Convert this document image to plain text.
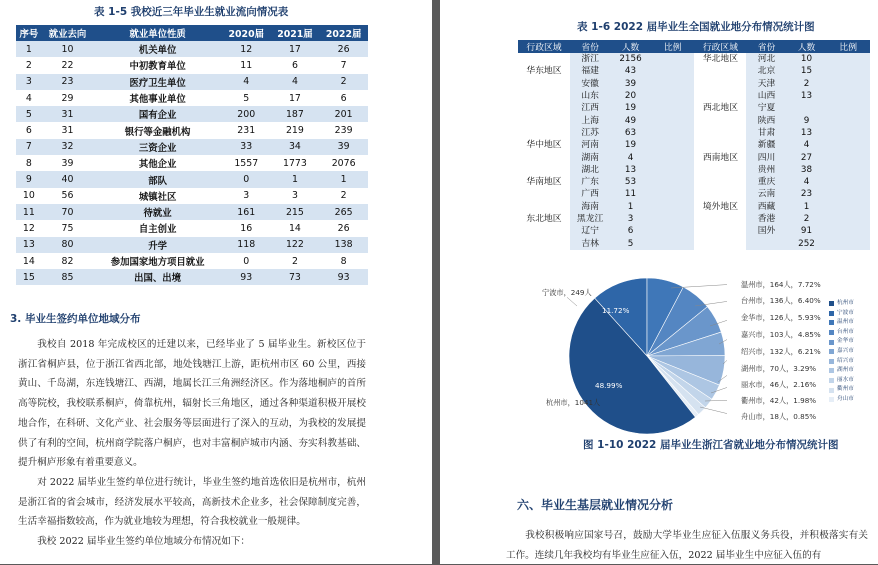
表 1-5 我校近三年毕业生就业流向情况表
序号	就业去向	就业单位性质	2020届	2021届	2022届
1	10	机关单位	12	17	26
2	22	中初教育单位	11	6	7
3	23	医疗卫生单位	4	4	2
4	29	其他事业单位	5	17	6
5	31	国有企业	200	187	201
6	31	银行等金融机构	231	219	239
7	32	三资企业	33	34	39
8	39	其他企业	1557	1773	2076
9	40	部队	0	1	1
10	56	城镇社区	3	3	2
11	70	待就业	161	215	265
12	75	自主创业	16	14	26
13	80	升学	118	122	138
14	82	参加国家地方项目就业	0	2	8
15	85	出国、出境	93	73	93
3. 毕业生签约单位地域分布
我校自 2018 年完成校区的迁建以来，已经毕业了 5 届毕业生。新校区位于浙江省桐庐县，位于浙江省西北部，地处钱塘江上游，距杭州市区 60 公里，西接黄山、千岛湖，东连钱塘江、西湖，地属长江三角洲经济区。作为落地桐庐的首所高等院校，我校联系桐庐，倚靠杭州，辐射长三角地区，通过各种渠道积极开展校地合作，在科研、文化产业、社会服务等层面进行了深入的互动，为我校的发展提供了有利的空间，杭州商学院落户桐庐，也对丰富桐庐城市内涵、夯实科教基础、提升桐庐形象有着重要意义。
对 2022 届毕业生签约单位进行统计，毕业生签约地首选依旧是杭州市，杭州是浙江省的省会城市，经济发展水平较高，高新技术企业多，社会保障制度完善，生活幸福指数较高，作为就业地较为理想，符合我校就业一般规律。
我校 2022 届毕业生签约单位地域分布情况如下：
表 1-6 2022 届毕业生全国就业地分布情况统计图
行政区域	省份	人数	比例	行政区域	省份	人数	比例
	浙江	2156		华北地区	河北	10	
华东地区	福建	43			北京	15	
	安徽	39			天津	2	
	山东	20			山西	13	
	江西	19		西北地区	宁夏		
	上海	49			陕西	9	
	江苏	63			甘肃	13	
华中地区	河南	19			新疆	4	
	湖南	4		西南地区	四川	27	
	湖北	13			贵州	38	
华南地区	广东	53			重庆	4	
	广西	11			云南	23	
	海南	1		境外地区	西藏	1	
东北地区	黑龙江	3			香港	2	
	辽宁	6			国外	91	
	吉林	5				252	
宁波市，249人
杭州市，1041人
11.72%
48.99%
温州市，164人，7.72%
台州市，136人，6.40%
金华市，126人，5.93%
嘉兴市，103人，4.85%
绍兴市，132人，6.21%
湖州市，70人，3.29%
丽水市，46人，2.16%
衢州市，42人，1.98%
舟山市，18人，0.85%
杭州市
宁波市
温州市
台州市
金华市
嘉兴市
绍兴市
湖州市
丽水市
衢州市
舟山市
图 1-10 2022 届毕业生浙江省就业地分布情况统计图
六、毕业生基层就业情况分析
我校积极响应国家号召，鼓励大学毕业生应征入伍服义务兵役，并积极落实有关工作。连续几年我校均有毕业生应征入伍，2022 届毕业生中应征入伍的有
